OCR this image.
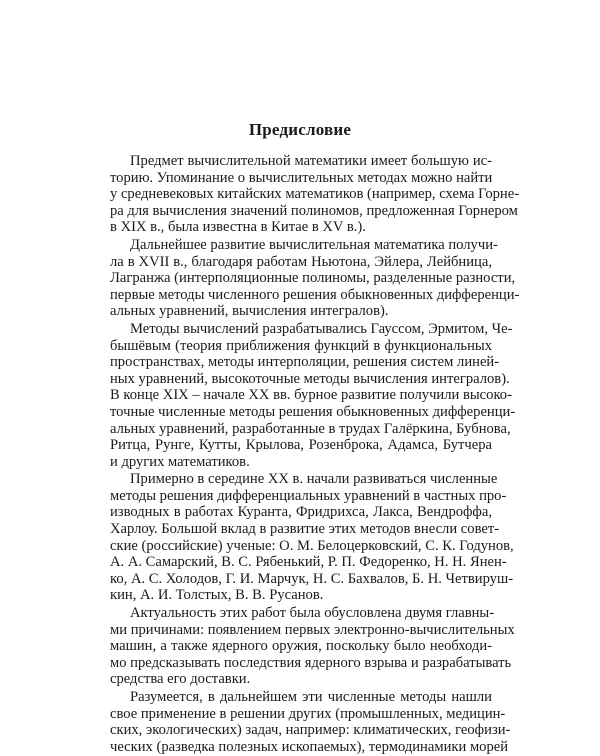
Предисловие
Предмет вычислительной математики имеет большую ис-
торию. Упоминание о вычислительных методах можно найти
у средневековых китайских математиков (например, схема Горне-
ра для вычисления значений полиномов, предложенная Горнером
в XIX в., была известна в Китае в XV в.).
Дальнейшее развитие вычислительная математика получи-
ла в XVII в., благодаря работам Ньютона, Эйлера, Лейбница,
Лагранжа (интерполяционные полиномы, разделенные разности,
первые методы численного решения обыкновенных дифференци-
альных уравнений, вычисления интегралов).
Методы вычислений разрабатывались Гауссом, Эрмитом, Че-
бышёвым (теория приближения функций в функциональных
пространствах, методы интерполяции, решения систем линей-
ных уравнений, высокоточные методы вычисления интегралов).
В конце XIX – начале XX вв. бурное развитие получили высоко-
точные численные методы решения обыкновенных дифференци-
альных уравнений, разработанные в трудах Галёркина, Бубнова,
Ритца, Рунге, Кутты, Крылова, Розенброка, Адамса, Бутчера
и других математиков.
Примерно в середине XX в. начали развиваться численные
методы решения дифференциальных уравнений в частных про-
изводных в работах Куранта, Фридрихса, Лакса, Вендроффа,
Харлоу. Большой вклад в развитие этих методов внесли совет-
ские (российские) ученые: О. М. Белоцерковский, С. К. Годунов,
А. А. Самарский, В. С. Рябенький, Р. П. Федоренко, Н. Н. Янен-
ко, А. С. Холодов, Г. И. Марчук, Н. С. Бахвалов, Б. Н. Четвируш-
кин, А. И. Толстых, В. В. Русанов.
Актуальность этих работ была обусловлена двумя главны-
ми причинами: появлением первых электронно-вычислительных
машин, а также ядерного оружия, поскольку было необходи-
мо предсказывать последствия ядерного взрыва и разрабатывать
средства его доставки.
Разумеется, в дальнейшем эти численные методы нашли
свое применение в решении других (промышленных, медицин-
ских, экологических) задач, например: климатических, геофизи-
ческих (разведка полезных ископаемых), термодинамики морей
